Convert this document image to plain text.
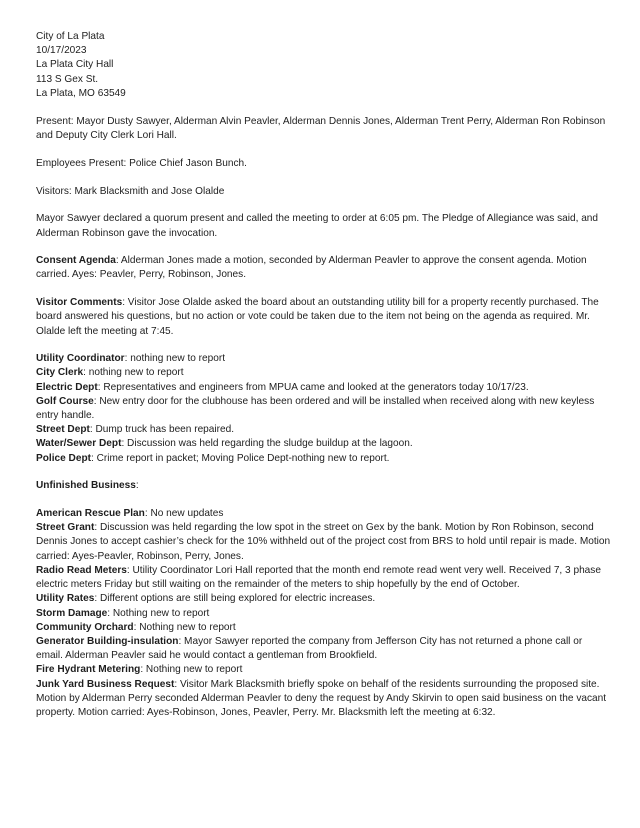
City of La Plata

10/17/2023

La Plata City Hall

113 S Gex St.

La Plata, MO 63549

Present: Mayor Dusty Sawyer, Alderman Alvin Peavler, Alderman Dennis Jones, Alderman Trent Perry, Alderman Ron Robinson and Deputy City Clerk Lori Hall.

Employees Present: Police Chief Jason Bunch.

Visitors: Mark Blacksmith and Jose Olalde

Mayor Sawyer declared a quorum present and called the meeting to order at 6:05 pm. The Pledge of Allegiance was said, and Alderman Robinson gave the invocation.

Consent Agenda: Alderman Jones made a motion, seconded by Alderman Peavler to approve the consent agenda. Motion carried. Ayes: Peavler, Perry, Robinson, Jones.

Visitor Comments: Visitor Jose Olalde asked the board about an outstanding utility bill for a property recently purchased. The board answered his questions, but no action or vote could be taken due to the item not being on the agenda as required. Mr. Olalde left the meeting at 7:45.

Utility Coordinator: nothing new to report

City Clerk: nothing new to report

Electric Dept: Representatives and engineers from MPUA came and looked at the generators today 10/17/23.

Golf Course: New entry door for the clubhouse has been ordered and will be installed when received along with new keyless entry handle.

Street Dept: Dump truck has been repaired.

Water/Sewer Dept: Discussion was held regarding the sludge buildup at the lagoon.

Police Dept: Crime report in packet; Moving Police Dept-nothing new to report.

Unfinished Business:

American Rescue Plan: No new updates

Street Grant: Discussion was held regarding the low spot in the street on Gex by the bank. Motion by Ron Robinson, second Dennis Jones to accept cashier’s check for the 10% withheld out of the project cost from BRS to hold until repair is made. Motion carried: Ayes-Peavler, Robinson, Perry, Jones.

Radio Read Meters: Utility Coordinator Lori Hall reported that the month end remote read went very well. Received 7, 3 phase electric meters Friday but still waiting on the remainder of the meters to ship hopefully by the end of October.

Utility Rates: Different options are still being explored for electric increases.

Storm Damage: Nothing new to report

Community Orchard: Nothing new to report

Generator Building-insulation: Mayor Sawyer reported the company from Jefferson City has not returned a phone call or email. Alderman Peavler said he would contact a gentleman from Brookfield.

Fire Hydrant Metering: Nothing new to report

Junk Yard Business Request: Visitor Mark Blacksmith briefly spoke on behalf of the residents surrounding the proposed site. Motion by Alderman Perry seconded Alderman Peavler to deny the request by Andy Skirvin to open said business on the vacant property. Motion carried: Ayes-Robinson, Jones, Peavler, Perry. Mr. Blacksmith left the meeting at 6:32.
